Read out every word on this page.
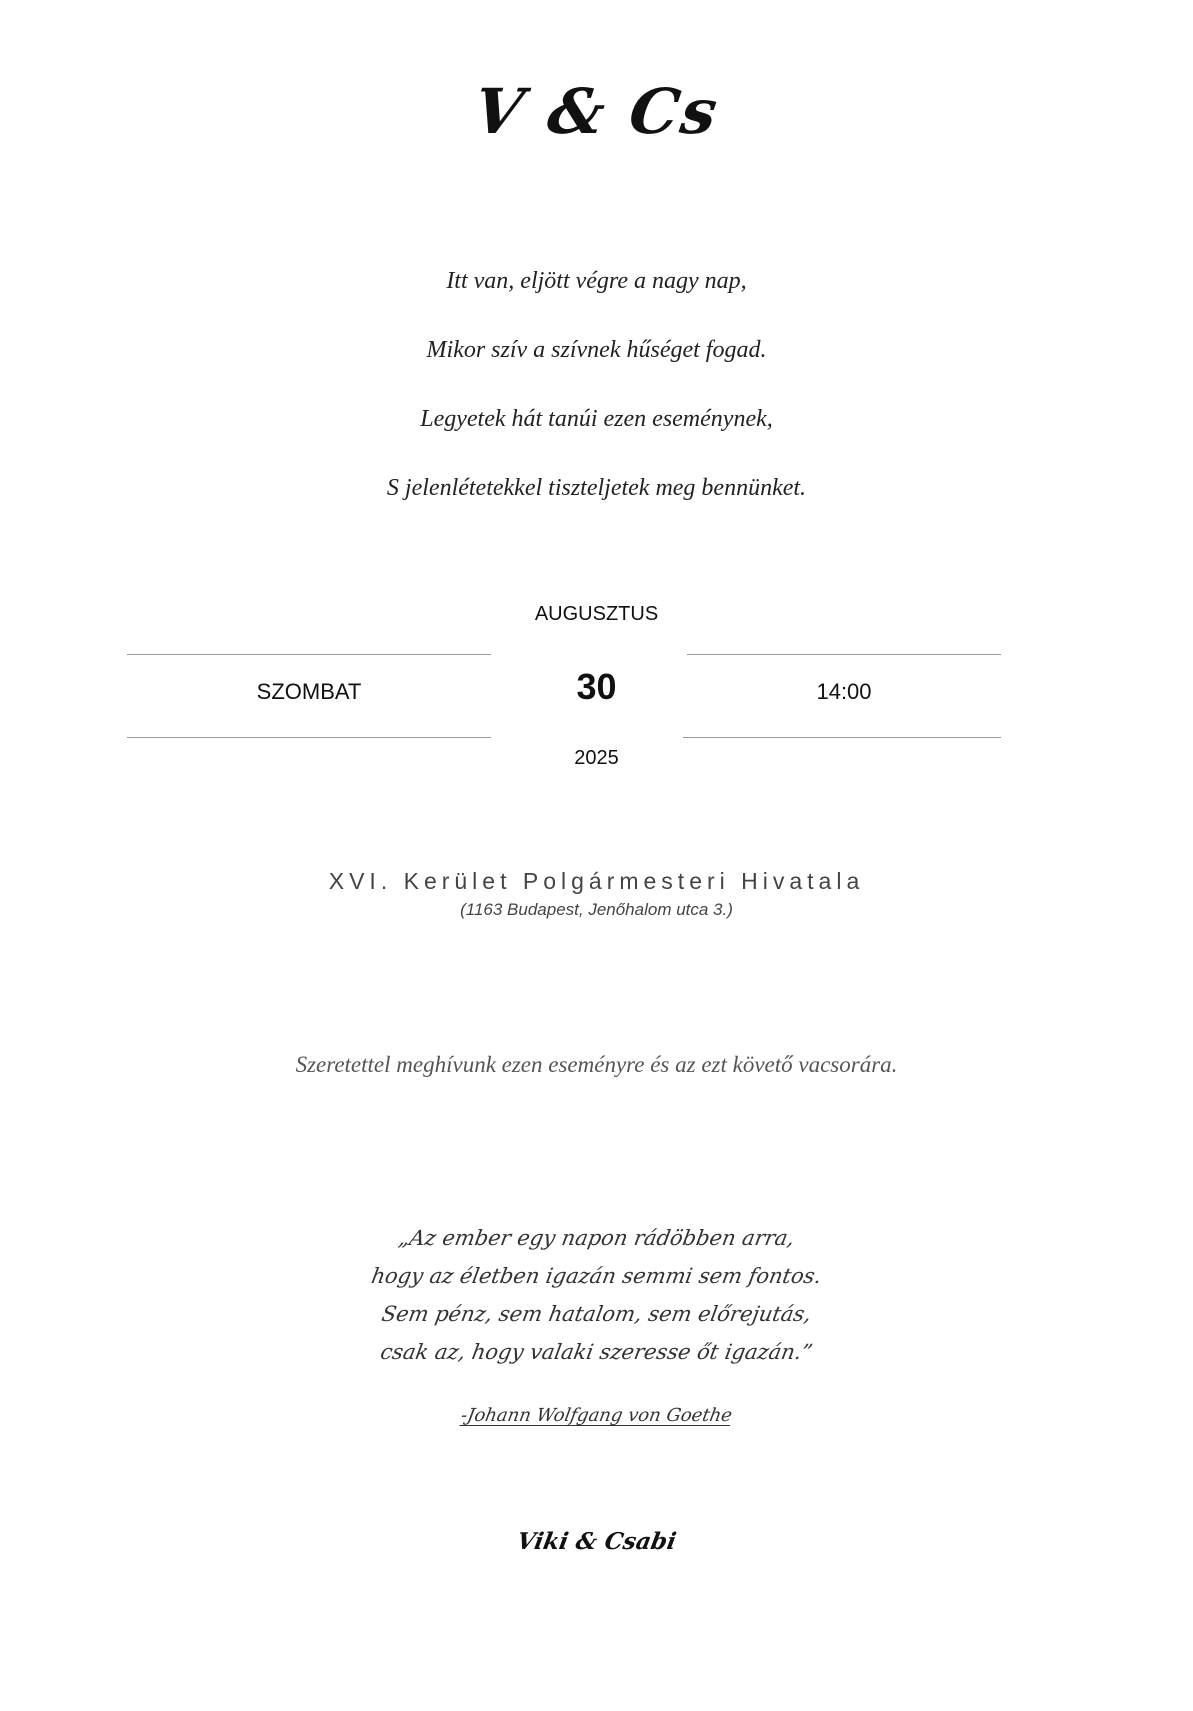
V & Cs
Itt van, eljött végre a nagy nap,
Mikor szív a szívnek hűséget fogad.
Legyetek hát tanúi ezen eseménynek,
S jelenlétetekkel tiszteljetek meg bennünket.
AUGUSZTUS
SZOMBAT	30	14:00
2025
XVI. Kerület Polgármesteri Hivatala
(1163 Budapest, Jenőhalom utca 3.)
Szeretettel meghívunk ezen eseményre és az ezt követő vacsorára.
„Az ember egy napon rádöbben arra,
hogy az életben igazán semmi sem fontos.
Sem pénz, sem hatalom, sem előrejutás,
csak az, hogy valaki szeresse őt igazán.”
-Johann Wolfgang von Goethe
Viki & Csabi
